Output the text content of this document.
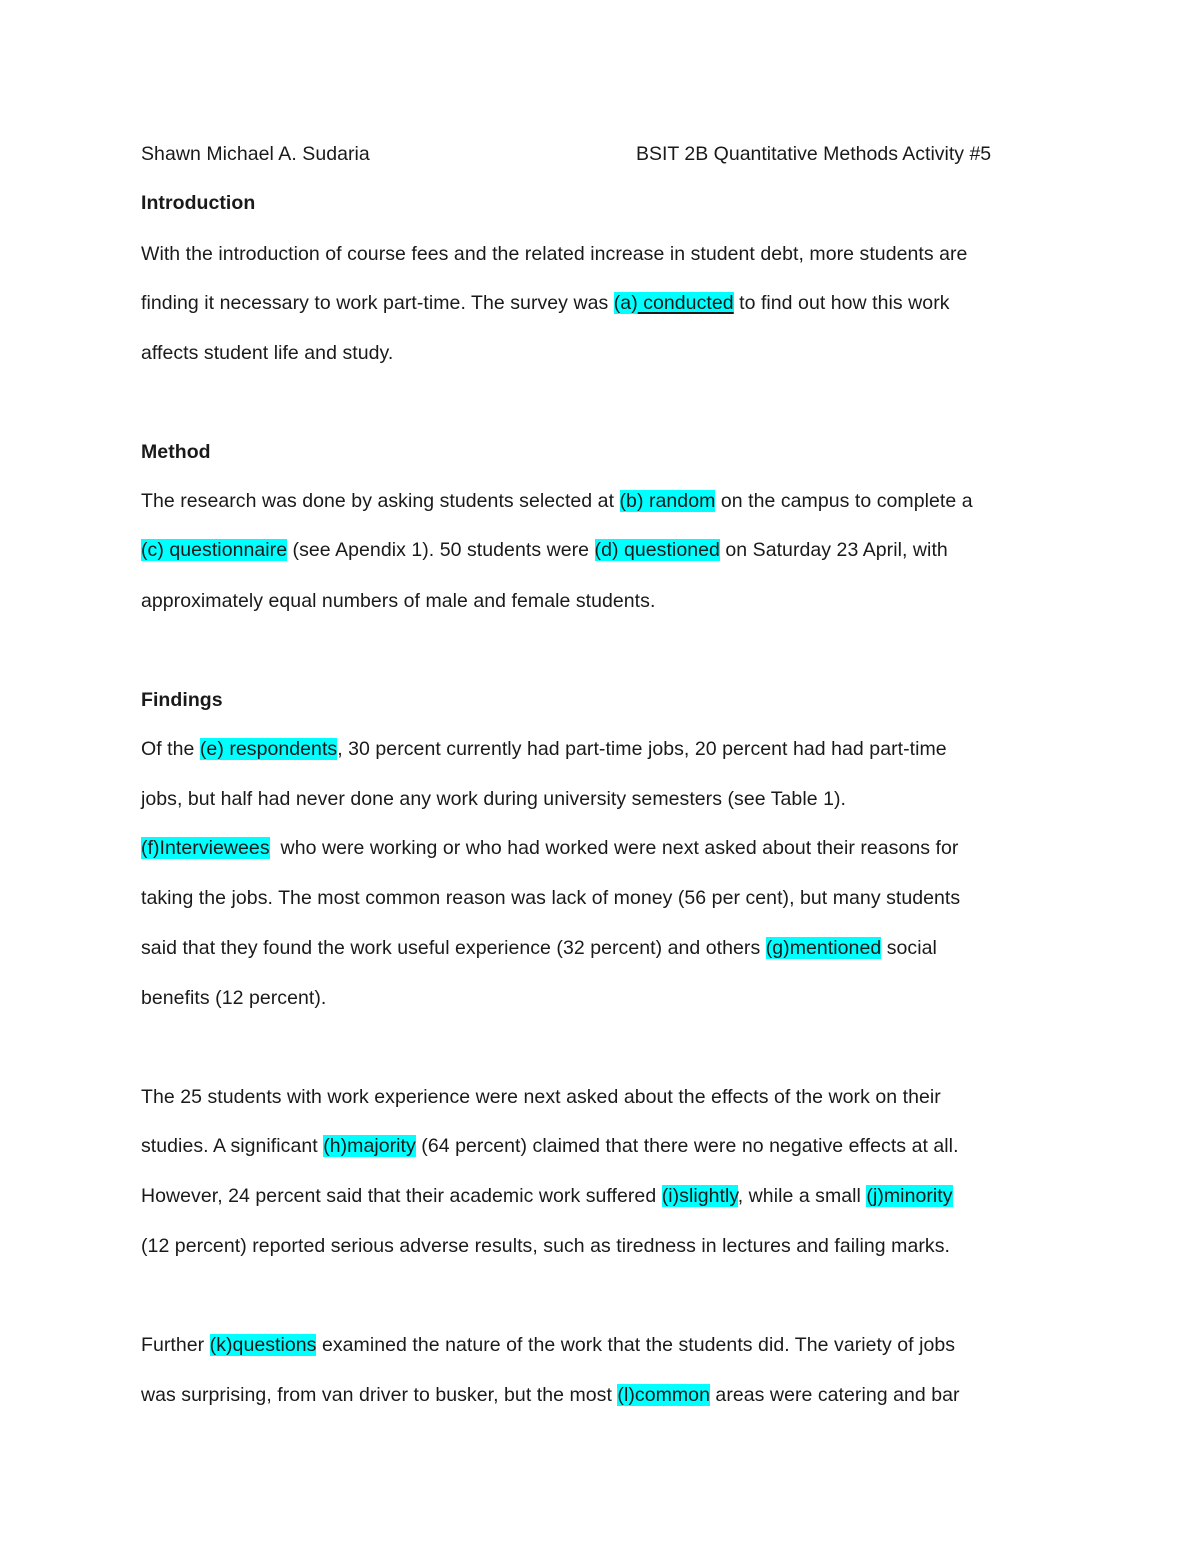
Shawn Michael A. Sudaria	BSIT 2B Quantitative Methods Activity #5
Introduction
With the introduction of course fees and the related increase in student debt, more students are
finding it necessary to work part-time. The survey was (a) conducted to find out how this work
affects student life and study.
Method
The research was done by asking students selected at (b) random on the campus to complete a
(c) questionnaire (see Apendix 1). 50 students were (d) questioned on Saturday 23 April, with
approximately equal numbers of male and female students.
Findings
Of the (e) respondents, 30 percent currently had part-time jobs, 20 percent had had part-time
jobs, but half had never done any work during university semesters (see Table 1).
(f)Interviewees  who were working or who had worked were next asked about their reasons for
taking the jobs. The most common reason was lack of money (56 per cent), but many students
said that they found the work useful experience (32 percent) and others (g)mentioned social
benefits (12 percent).
The 25 students with work experience were next asked about the effects of the work on their
studies. A significant (h)majority (64 percent) claimed that there were no negative effects at all.
However, 24 percent said that their academic work suffered (i)slightly, while a small (j)minority
(12 percent) reported serious adverse results, such as tiredness in lectures and failing marks.
Further (k)questions examined the nature of the work that the students did. The variety of jobs
was surprising, from van driver to busker, but the most (l)common areas were catering and bar
